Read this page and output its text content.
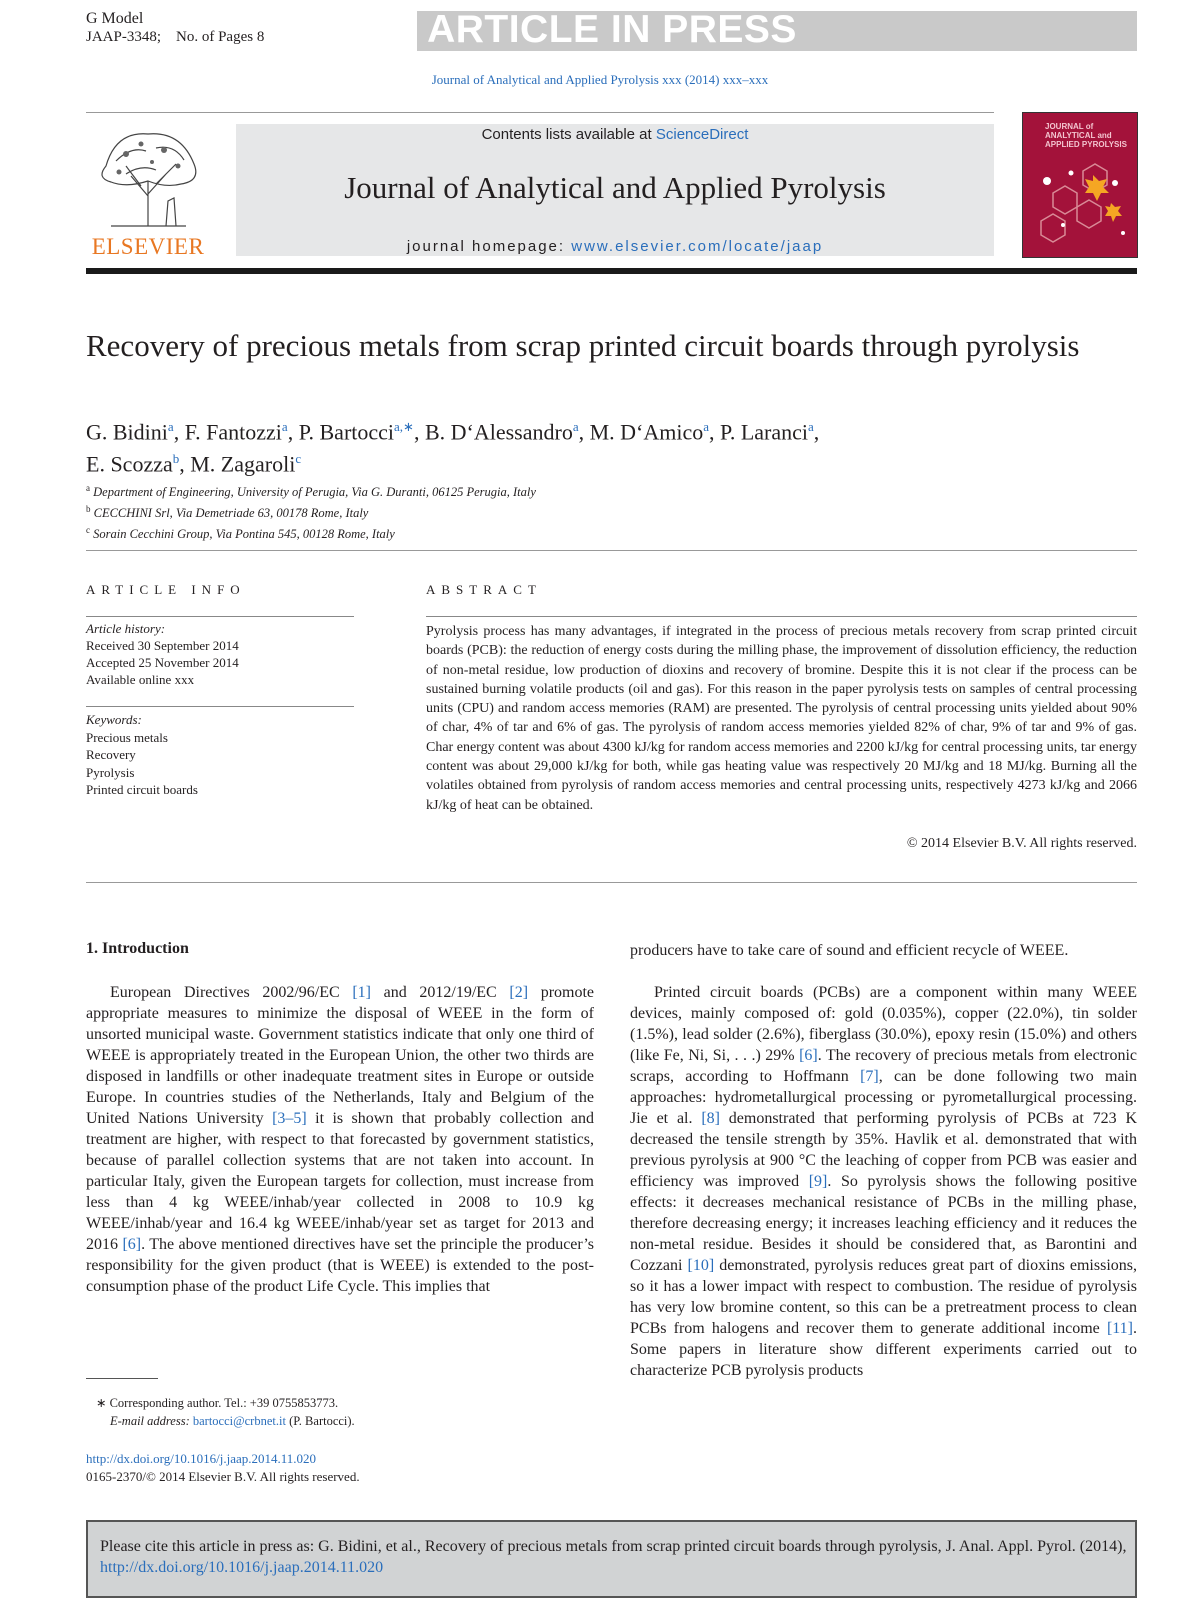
G Model
JAAP-3348;    No. of Pages 8	ARTICLE IN PRESS
Journal of Analytical and Applied Pyrolysis xxx (2014) xxx–xxx
ELSEVIER
Contents lists available at ScienceDirect
Journal of Analytical and Applied Pyrolysis
journal homepage: www.elsevier.com/locate/jaap
JOURNAL of ANALYTICAL and APPLIED PYROLYSIS
Recovery of precious metals from scrap printed circuit boards through pyrolysis
G. Bidini$^a$, F. Fantozzi$^a$, P. Bartocci$^{a,∗}$, B. D‘Alessandro$^a$, M. D‘Amico$^a$, P. Laranci$^a$,
E. Scozza$^b$, M. Zagaroli$^c$
$^a$ Department of Engineering, University of Perugia, Via G. Duranti, 06125 Perugia, Italy
$^b$ CECCHINI Srl, Via Demetriade 63, 00178 Rome, Italy
$^c$ Sorain Cecchini Group, Via Pontina 545, 00128 Rome, Italy
ARTICLE INFO
Article history:
Received 30 September 2014
Accepted 25 November 2014
Available online xxx
Keywords:
Precious metals
Recovery
Pyrolysis
Printed circuit boards
ABSTRACT
Pyrolysis process has many advantages, if integrated in the process of precious metals recovery from scrap printed circuit boards (PCB): the reduction of energy costs during the milling phase, the improvement of dissolution efficiency, the reduction of non-metal residue, low production of dioxins and recovery of bromine. Despite this it is not clear if the process can be sustained burning volatile products (oil and gas). For this reason in the paper pyrolysis tests on samples of central processing units (CPU) and random access memories (RAM) are presented. The pyrolysis of central processing units yielded about 90% of char, 4% of tar and 6% of gas. The pyrolysis of random access memories yielded 82% of char, 9% of tar and 9% of gas. Char energy content was about 4300 kJ/kg for random access memories and 2200 kJ/kg for central processing units, tar energy content was about 29,000 kJ/kg for both, while gas heating value was respectively 20 MJ/kg and 18 MJ/kg. Burning all the volatiles obtained from pyrolysis of random access memories and central processing units, respectively 4273 kJ/kg and 2066 kJ/kg of heat can be obtained.
© 2014 Elsevier B.V. All rights reserved.
1. Introduction
European Directives 2002/96/EC [1] and 2012/19/EC [2] promote appropriate measures to minimize the disposal of WEEE in the form of unsorted municipal waste. Government statistics indicate that only one third of WEEE is appropriately treated in the European Union, the other two thirds are disposed in landfills or other inadequate treatment sites in Europe or outside Europe. In countries studies of the Netherlands, Italy and Belgium of the United Nations University [3–5] it is shown that probably collection and treatment are higher, with respect to that forecasted by government statistics, because of parallel collection systems that are not taken into account. In particular Italy, given the European targets for collection, must increase from less than 4 kg WEEE/inhab/year collected in 2008 to 10.9 kg WEEE/inhab/year and 16.4 kg WEEE/inhab/year set as target for 2013 and 2016 [6]. The above mentioned directives have set the principle the producer’s responsibility for the given product (that is WEEE) is extended to the post-consumption phase of the product Life Cycle. This implies that
producers have to take care of sound and efficient recycle of WEEE.
Printed circuit boards (PCBs) are a component within many WEEE devices, mainly composed of: gold (0.035%), copper (22.0%), tin solder (1.5%), lead solder (2.6%), fiberglass (30.0%), epoxy resin (15.0%) and others (like Fe, Ni, Si, . . .) 29% [6]. The recovery of precious metals from electronic scraps, according to Hoffmann [7], can be done following two main approaches: hydrometallurgical processing or pyrometallurgical processing. Jie et al. [8] demonstrated that performing pyrolysis of PCBs at 723 K decreased the tensile strength by 35%. Havlik et al. demonstrated that with previous pyrolysis at 900 °C the leaching of copper from PCB was easier and efficiency was improved [9]. So pyrolysis shows the following positive effects: it decreases mechanical resistance of PCBs in the milling phase, therefore decreasing energy; it increases leaching efficiency and it reduces the non-metal residue. Besides it should be considered that, as Barontini and Cozzani [10] demonstrated, pyrolysis reduces great part of dioxins emissions, so it has a lower impact with respect to combustion. The residue of pyrolysis has very low bromine content, so this can be a pretreatment process to clean PCBs from halogens and recover them to generate additional income [11]. Some papers in literature show different experiments carried out to characterize PCB pyrolysis products
∗ Corresponding author. Tel.: +39 0755853773.
E-mail address: bartocci@crbnet.it (P. Bartocci).
http://dx.doi.org/10.1016/j.jaap.2014.11.020
0165-2370/© 2014 Elsevier B.V. All rights reserved.
Please cite this article in press as: G. Bidini, et al., Recovery of precious metals from scrap printed circuit boards through pyrolysis, J. Anal. Appl. Pyrol. (2014), http://dx.doi.org/10.1016/j.jaap.2014.11.020
